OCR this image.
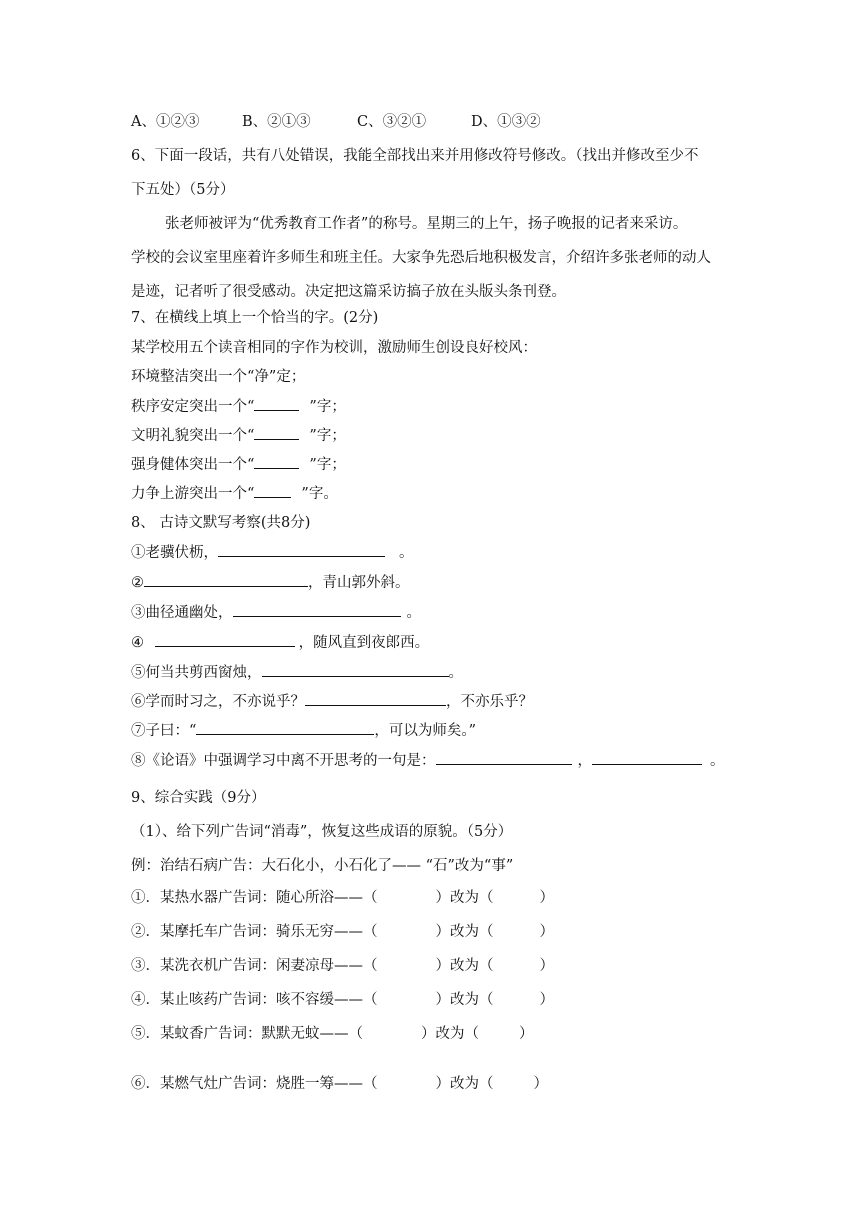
A、①②③	B、②①③	C、③②①	D、①③②
6、下面一段话，共有八处错误，我能全部找出来并用修改符号修改。（找出并修改至少不
下五处）（5分）
张老师被评为“优秀教育工作者”的称号。星期三的上午，扬子晚报的记者来采访。
学校的会议室里座着许多师生和班主任。大家争先恐后地积极发言，介绍许多张老师的动人
是迹，记者听了很受感动。决定把这篇采访搞子放在头版头条刊登。
7、在横线上填上一个恰当的字。(2分)
某学校用五个读音相同的字作为校训，激励师生创设良好校风：
环境整洁突出一个“净”定；
秩序安定突出一个“	”字；
文明礼貌突出一个“	”字；
强身健体突出一个“	”字；
力争上游突出一个“	”字。
8、 古诗文默写考察(共8分)
①老骥伏枥，	。
②	，青山郭外斜。
③曲径通幽处，	。
④	，随风直到夜郎西。
⑤何当共剪西窗烛，	。
⑥学而时习之，不亦说乎？	，不亦乐乎？
⑦子曰：“	，可以为师矣。”
⑧《论语》中强调学习中离不开思考的一句是：	，	。
9、综合实践（9分）
（1）、给下列广告词“消毒”，恢复这些成语的原貌。（5分）
例：治结石病广告：大石化小，小石化了—— “石”改为“事”
①．某热水器广告词：随心所浴——（	）改为（	）
②．某摩托车广告词：骑乐无穷——（	）改为（	）
③．某洗衣机广告词：闲妻凉母——（	）改为（	）
④．某止咳药广告词：咳不容缓——（	）改为（	）
⑤．某蚊香广告词：默默无蚊——（	）改为（	）
⑥．某燃气灶广告词：烧胜一筹——（	）改为（	）
